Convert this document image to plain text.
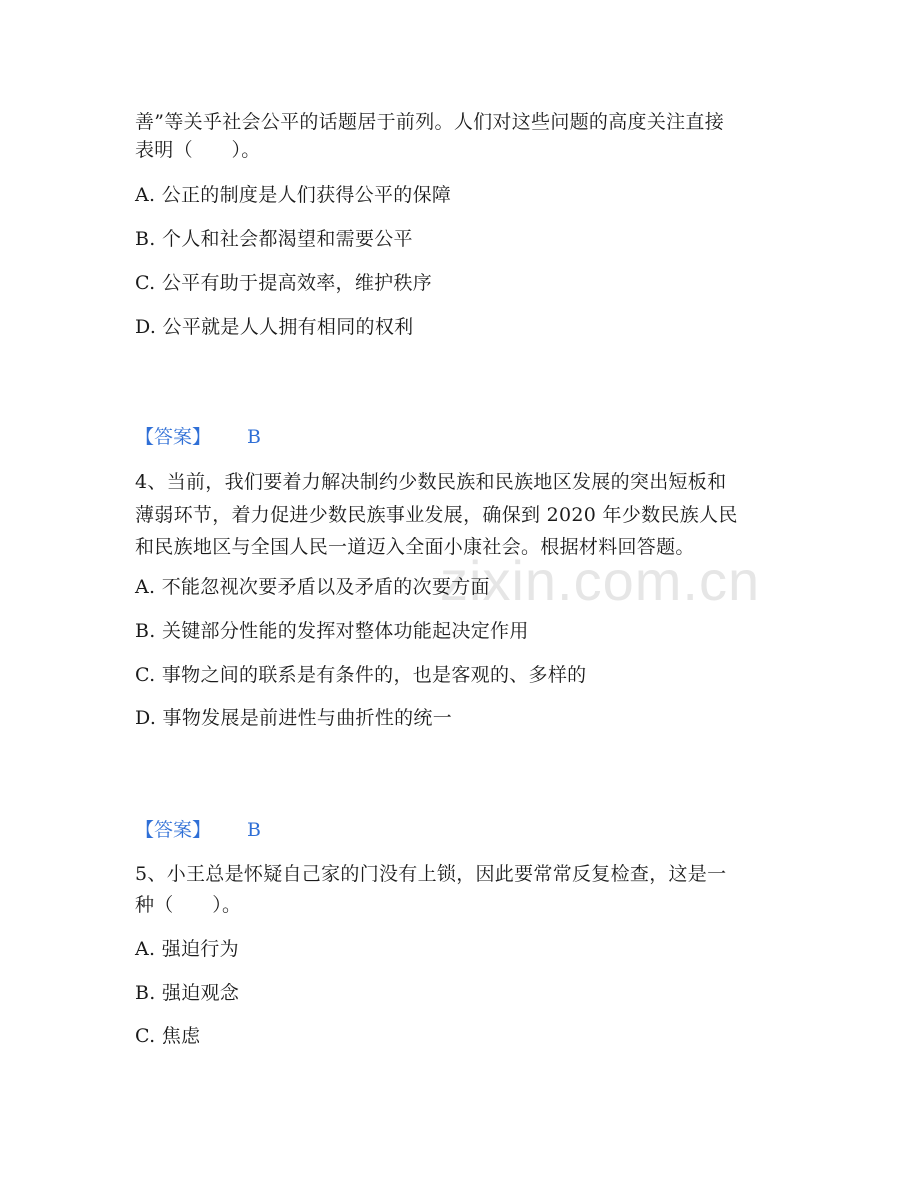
zixin.com.cn
善”等关乎社会公平的话题居于前列。人们对这些问题的高度关注直接
表明（　　）。
A. 公正的制度是人们获得公平的保障
B. 个人和社会都渴望和需要公平
C. 公平有助于提高效率，维护秩序
D. 公平就是人人拥有相同的权利
【答案】 B
4、当前，我们要着力解决制约少数民族和民族地区发展的突出短板和
薄弱环节，着力促进少数民族事业发展，确保到 2020 年少数民族人民
和民族地区与全国人民一道迈入全面小康社会。根据材料回答题。
A. 不能忽视次要矛盾以及矛盾的次要方面
B. 关键部分性能的发挥对整体功能起决定作用
C. 事物之间的联系是有条件的，也是客观的、多样的
D. 事物发展是前进性与曲折性的统一
【答案】 B
5、小王总是怀疑自己家的门没有上锁，因此要常常反复检查，这是一
种（　　）。
A. 强迫行为
B. 强迫观念
C. 焦虑
